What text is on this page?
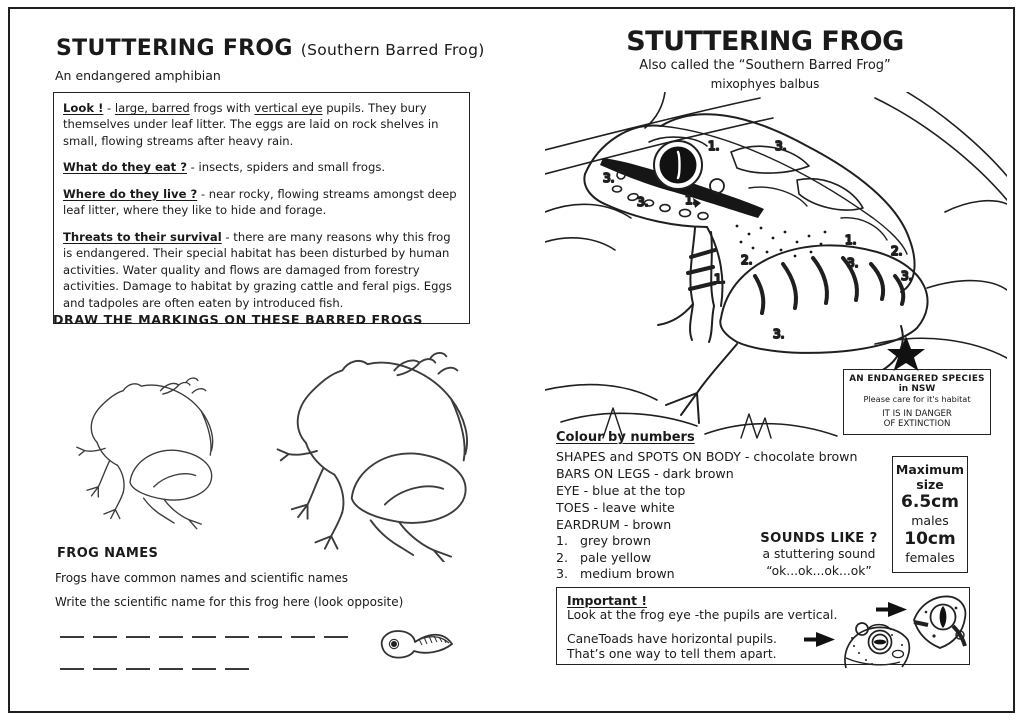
STUTTERING FROG (Southern Barred Frog)
An endangered amphibian

Look ! - large, barred frogs with vertical eye pupils. They bury themselves under leaf litter. The eggs are laid on rock shelves in small, flowing streams after heavy rain.

What do they eat ? - insects, spiders and small frogs.

Where do they live ? - near rocky, flowing streams amongst deep leaf litter, where they like to hide and forage.

Threats to their survival - there are many reasons why this frog is endangered. Their special habitat has been disturbed by human activities. Water quality and flows are damaged from forestry activities. Damage to habitat by grazing cattle and feral pigs. Eggs and tadpoles are often eaten by introduced fish.

DRAW THE MARKINGS ON THESE BARRED FROGS
FROG NAMES
Frogs have common names and scientific names
Write the scientific name for this frog here (look opposite)
STUTTERING FROG
Also called the “Southern Barred Frog”
mixophyes balbus
1.	3.
3.
3.	1.
1.
2.	3.
2.
3.
1.
3.
AN ENDANGERED SPECIES
in NSW
Please care for it's habitat
IT IS IN DANGER
OF EXTINCTION
Colour by numbers
SHAPES and SPOTS ON BODY - chocolate brown
BARS ON LEGS - dark brown
EYE - blue at the top
TOES - leave white
EARDRUM - brown
1. grey brown
2. pale yellow
3. medium brown
SOUNDS LIKE ?
a stuttering sound
“ok...ok...ok...ok”
Maximum
size
6.5cm
males
10cm
females
Important !
Look at the frog eye -the pupils are vertical.
CaneToads have horizontal pupils.
That’s one way to tell them apart.
